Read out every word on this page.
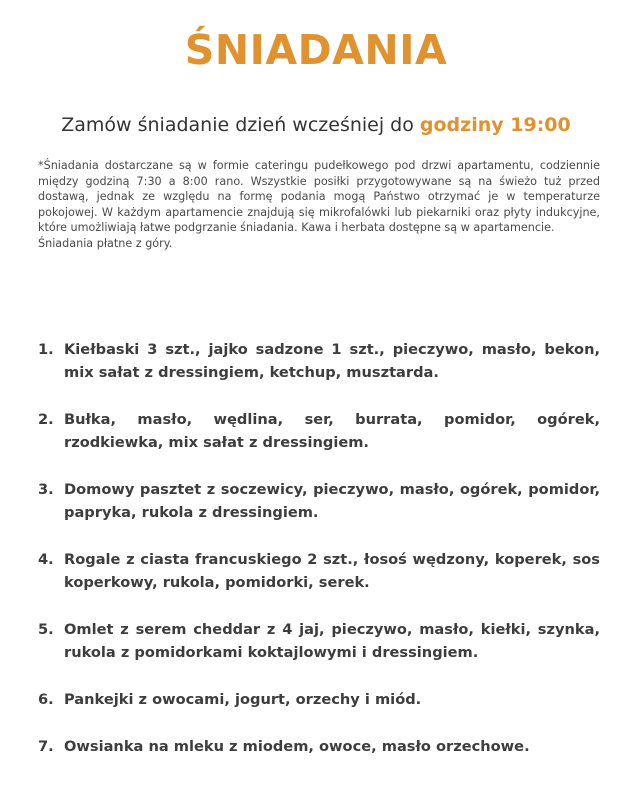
ŚNIADANIA

Zamów śniadanie dzień wcześniej do godziny 19:00

*Śniadania dostarczane są w formie cateringu pudełkowego pod drzwi apartamentu, codziennie między godziną 7:30 a 8:00 rano. Wszystkie posiłki przygotowywane są na świeżo tuż przed dostawą, jednak ze względu na formę podania mogą Państwo otrzymać je w temperaturze pokojowej. W każdym apartamencie znajdują się mikrofalówki lub piekarniki oraz płyty indukcyjne, które umożliwiają łatwe podgrzanie śniadania. Kawa i herbata dostępne są w apartamencie.

Śniadania płatne z góry.

1. Kiełbaski 3 szt., jajko sadzone 1 szt., pieczywo, masło, bekon, mix sałat z dressingiem, ketchup, musztarda.
2. Bułka, masło, wędlina, ser, burrata, pomidor, ogórek, rzodkiewka, mix sałat z dressingiem.
3. Domowy pasztet z soczewicy, pieczywo, masło, ogórek, pomidor, papryka, rukola z dressingiem.
4. Rogale z ciasta francuskiego 2 szt., łosoś wędzony, koperek, sos koperkowy, rukola, pomidorki, serek.
5. Omlet z serem cheddar z 4 jaj, pieczywo, masło, kiełki, szynka, rukola z pomidorkami koktajlowymi i dressingiem.
6. Pankejki z owocami, jogurt, orzechy i miód.
7. Owsianka na mleku z miodem, owoce, masło orzechowe.
